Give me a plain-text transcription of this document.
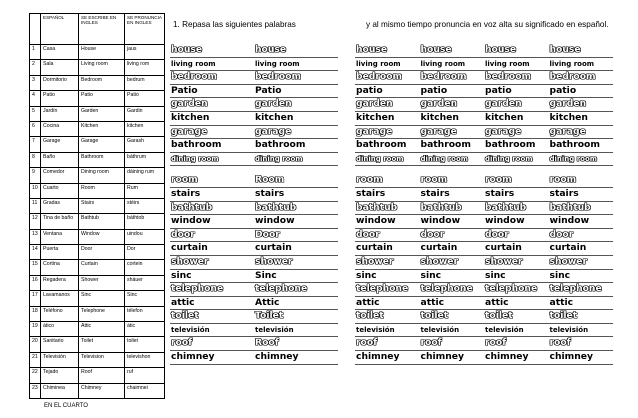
	ESPAÑOL	SE ESCRIBE EN INGLES	SE PRONUNCIA EN INGLES
1	Casa	House	jaus
2	Sala	Living room	living rom
3	Dormitorio	Bedroom	bedrum
4	Patio	Patio	Patio
5	Jardín	Garden	Gardin
6	Cocina	Kitchen	kitchen
7	Garage	Garage	Garash
8	Baño	Bathroom	báthrum
9	Comedor	Dining room	dáining rum
10	Cuarto	Room	Rum
11	Gradas	Stairs	stéirs
12	Tina de baño	Bathtub	báthtob
13	Ventana	Window	uindou
14	Puerta	Door	Dor
15	Cortina	Curtain	cortein
16	Regadera	Shower	sháuer
17	Lavamanos	Sinc	Sinc
18	Teléfono	Telephone	télefon
19	ático	Attic	átic
20	Sanitario	Toilet	toilet
21	Televisión	Television	televishon
22	Tejado	Roof	ruf
23	Chiminea	Chimney	chaimnei
EN EL CUARTO
1. Repasa las siguientes palabras	y al mismo tiempo pronuncia en voz alta su significado en español.
house	house
living room	living room
bedroom	bedroom
Patio	Patio
garden	garden
kitchen	kitchen
garage	garage
bathroom	bathroom
dining room	dining room

room	Room
stairs	stairs
bathtub	bathtub
window	window
door	Door
curtain	curtain
shower	shower
sinc	Sinc
telephone	telephone
attic	Attic
toilet	Toilet
televisión	televisión
roof	Roof
chimney	chimney
house	house	house	house
living room	living room	living room	living room
bedroom	bedroom	bedroom	bedroom
patio	patio	patio	patio
garden	garden	garden	garden
kitchen	kitchen	kitchen	kitchen
garage	garage	garage	garage
bathroom	bathroom	bathroom	bathroom
dining room	dining room	dining room	dining room

room	room	room	room
stairs	stairs	stairs	stairs
bathtub	bathtub	bathtub	bathtub
window	window	window	window
door	door	door	door
curtain	curtain	curtain	curtain
shower	shower	shower	shower
sinc	sinc	sinc	sinc
telephone	telephone	telephone	telephone
attic	attic	attic	attic
toilet	toilet	toilet	toilet
televisión	televisión	televisión	televisión
roof	roof	roof	roof
chimney	chimney	chimney	chimney
